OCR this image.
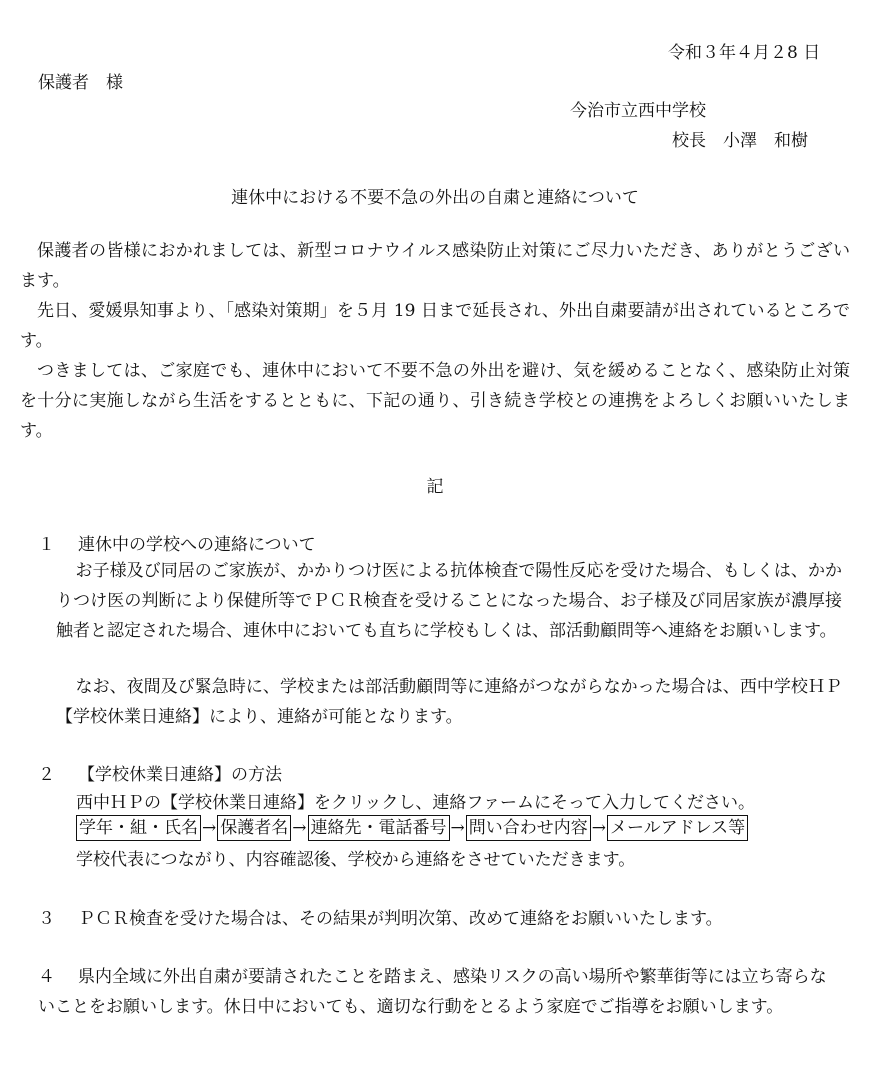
令和３年４月２8 日
保護者　様
今治市立西中学校
校長　小澤　和樹
連休中における不要不急の外出の自粛と連絡について

保護者の皆様におかれましては、新型コロナウイルス感染防止対策にご尽力いただき、ありがとうございます。

先日、愛媛県知事より、「感染対策期」を５月 19 日まで延長され、外出自粛要請が出されているところです。

つきましては、ご家庭でも、連休中において不要不急の外出を避け、気を緩めることなく、感染防止対策を十分に実施しながら生活をするとともに、下記の通り、引き続き学校との連携をよろしくお願いいたします。

記
１ 連休中の学校への連絡について

お子様及び同居のご家族が、かかりつけ医による抗体検査で陽性反応を受けた場合、もしくは、かかりつけ医の判断により保健所等でＰＣＲ検査を受けることになった場合、お子様及び同居家族が濃厚接触者と認定された場合、連休中においても直ちに学校もしくは、部活動顧問等へ連絡をお願いします。

なお、夜間及び緊急時に、学校または部活動顧問等に連絡がつながらなかった場合は、西中学校ＨＰ【学校休業日連絡】により、連絡が可能となります。

２ 【学校休業日連絡】の方法
西中ＨＰの【学校休業日連絡】をクリックし、連絡ファームにそって入力してください。
学年・組・氏名 → 保護者名 → 連絡先・電話番号 → 問い合わせ内容 → メールアドレス等
学校代表につながり、内容確認後、学校から連絡をさせていただきます。
３ ＰＣＲ検査を受けた場合は、その結果が判明次第、改めて連絡をお願いいたします。
４ 県内全域に外出自粛が要請されたことを踏まえ、感染リスクの高い場所や繁華街等には立ち寄らないことをお願いします。休日中においても、適切な行動をとるよう家庭でご指導をお願いします。
